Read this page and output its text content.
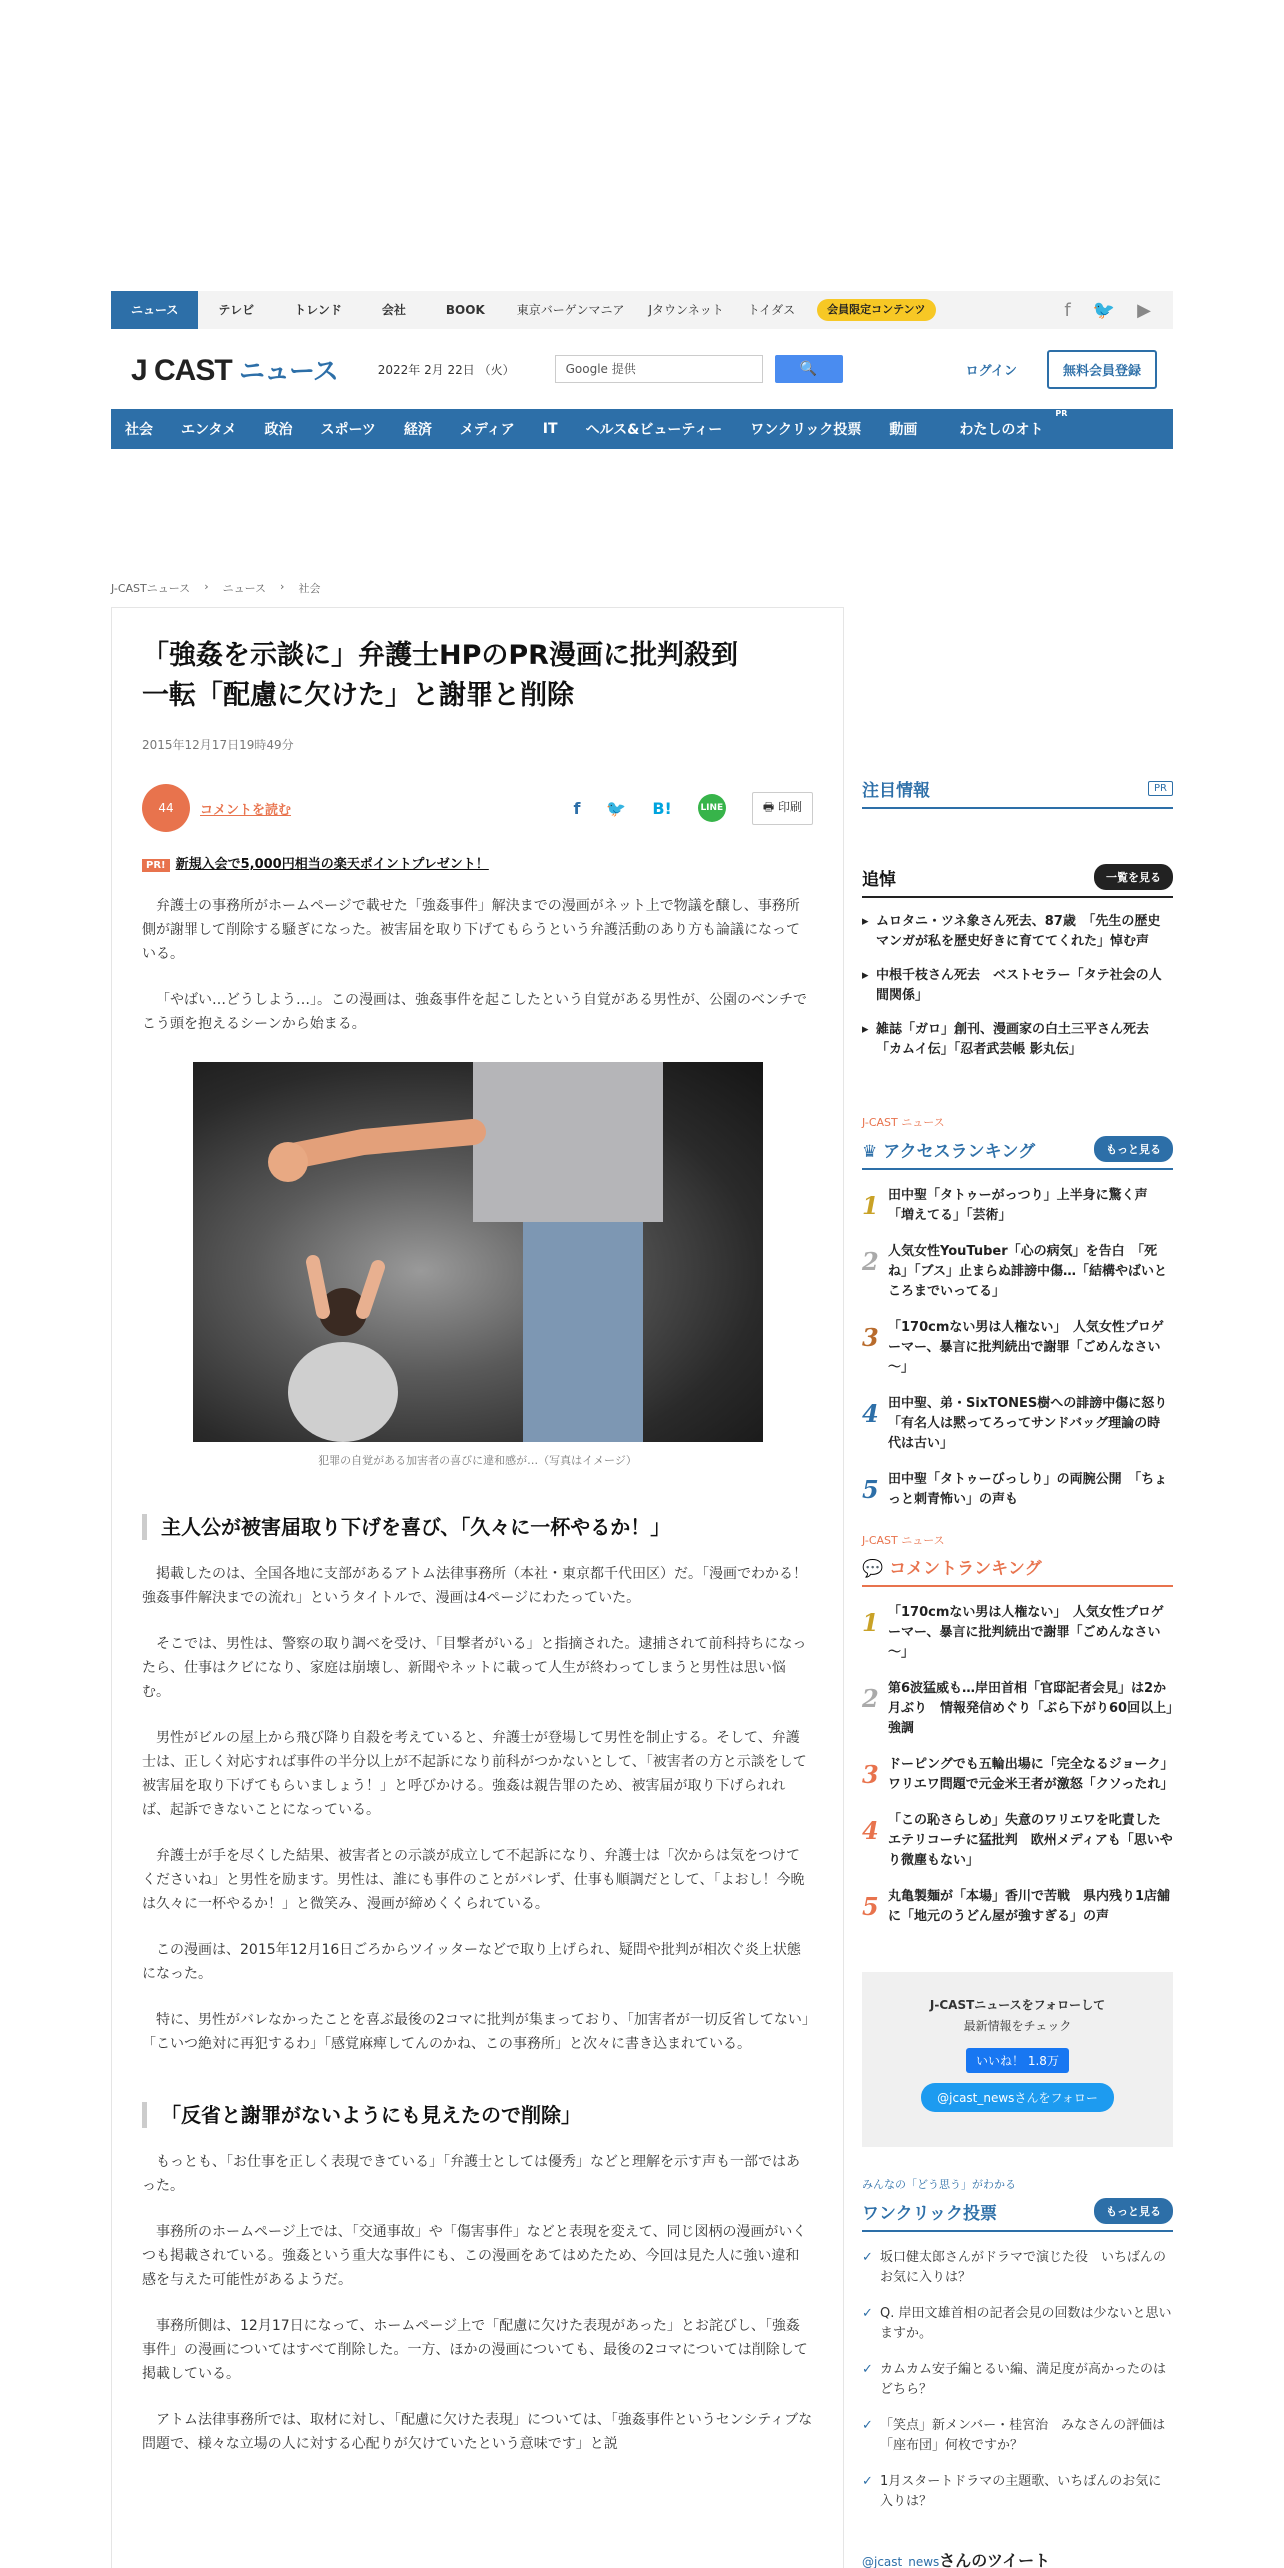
ニュース	テレビ	トレンド	会社	BOOK	東京バーゲンマニア	Jタウンネット	トイダス	会員限定コンテンツ	f 🐦 ▶
J CAST ニュース	2022年 2月 22日 （火）	Google 提供	🔍	ログイン	無料会員登録
社会	エンタメ	政治	スポーツ	経済	メディア	IT	ヘルス&ビューティー	ワンクリック投票	動画	わたしのオト
PR
J-CASTニュース › ニュース › 社会
「強姦を示談に」弁護士HPのPR漫画に批判殺到
一転「配慮に欠けた」と謝罪と削除
2015年12月17日19時49分
44	コメントを読む	f 🐦 B!	LINE	🖶 印刷
PR! 新規入会で5,000円相当の楽天ポイントプレゼント！

弁護士の事務所がホームページで載せた「強姦事件」解決までの漫画がネット上で物議を醸し、事務所側が謝罪して削除する騒ぎになった。被害届を取り下げてもらうという弁護活動のあり方も論議になっている。

「やばい…どうしよう…」。この漫画は、強姦事件を起こしたという自覚がある男性が、公園のベンチでこう頭を抱えるシーンから始まる。

犯罪の自覚がある加害者の喜びに違和感が…（写真はイメージ）
主人公が被害届取り下げを喜び、「久々に一杯やるか！」

掲載したのは、全国各地に支部があるアトム法律事務所（本社・東京都千代田区）だ。「漫画でわかる！強姦事件解決までの流れ」というタイトルで、漫画は4ページにわたっていた。

そこでは、男性は、警察の取り調べを受け、「目撃者がいる」と指摘された。逮捕されて前科持ちになったら、仕事はクビになり、家庭は崩壊し、新聞やネットに載って人生が終わってしまうと男性は思い悩む。

男性がビルの屋上から飛び降り自殺を考えていると、弁護士が登場して男性を制止する。そして、弁護士は、正しく対応すれば事件の半分以上が不起訴になり前科がつかないとして、「被害者の方と示談をして被害届を取り下げてもらいましょう！」と呼びかける。強姦は親告罪のため、被害届が取り下げられれば、起訴できないことになっている。

弁護士が手を尽くした結果、被害者との示談が成立して不起訴になり、弁護士は「次からは気をつけてくださいね」と男性を励ます。男性は、誰にも事件のことがバレず、仕事も順調だとして、「よおし！今晩は久々に一杯やるか！」と微笑み、漫画が締めくくられている。

この漫画は、2015年12月16日ごろからツイッターなどで取り上げられ、疑問や批判が相次ぐ炎上状態になった。

特に、男性がバレなかったことを喜ぶ最後の2コマに批判が集まっており、「加害者が一切反省してない」「こいつ絶対に再犯するわ」「感覚麻痺してんのかね、この事務所」と次々に書き込まれている。

「反省と謝罪がないようにも見えたので削除」

もっとも、「お仕事を正しく表現できている」「弁護士としては優秀」などと理解を示す声も一部ではあった。

事務所のホームページ上では、「交通事故」や「傷害事件」などと表現を変えて、同じ図柄の漫画がいくつも掲載されている。強姦という重大な事件にも、この漫画をあてはめたため、今回は見た人に強い違和感を与えた可能性があるようだ。

事務所側は、12月17日になって、ホームページ上で「配慮に欠けた表現があった」とお詫びし、「強姦事件」の漫画についてはすべて削除した。一方、ほかの漫画についても、最後の2コマについては削除して掲載している。

アトム法律事務所では、取材に対し、「配慮に欠けた表現」については、「強姦事件というセンシティブな問題で、様々な立場の人に対する心配りが欠けていたという意味です」と説

注目情報	PR
追悼	一覧を見る
▸ ムロタニ・ツネ象さん死去、87歳　「先生の歴史マンガが私を歴史好きに育ててくれた」悼む声
▸ 中根千枝さん死去　ベストセラー「タテ社会の人間関係」
▸ 雑誌「ガロ」創刊、漫画家の白土三平さん死去　「カムイ伝」「忍者武芸帳 影丸伝」
J-CAST ニュース
♛ アクセスランキング	もっと見る
1 田中聖「タトゥーがっつり」上半身に驚く声　「増えてる」「芸術」
2 人気女性YouTuber「心の病気」を告白　「死ね」「ブス」止まらぬ誹謗中傷…「結構やばいところまでいってる」
3 「170cmない男は人権ない」　人気女性プロゲーマー、暴言に批判続出で謝罪「ごめんなさい～」
4 田中聖、弟・SixTONES樹への誹謗中傷に怒り　「有名人は黙ってろってサンドバッグ理論の時代は古い」
5 田中聖「タトゥーびっしり」の両腕公開　「ちょっと刺青怖い」の声も
J-CAST ニュース
💬 コメントランキング
1 「170cmない男は人権ない」　人気女性プロゲーマー、暴言に批判続出で謝罪「ごめんなさい～」
2 第6波猛威も…岸田首相「官邸記者会見」は2か月ぶり　情報発信めぐり「ぶら下がり60回以上」強調
3 ドーピングでも五輪出場に「完全なるジョーク」　ワリエワ問題で元金米王者が激怒「クソったれ」
4 「この恥さらしめ」失意のワリエワを叱責したエテリコーチに猛批判　欧州メディアも「思いやり微塵もない」
5 丸亀製麺が「本場」香川で苦戦　県内残り1店舗に「地元のうどん屋が強すぎる」の声
J-CASTニュースをフォローして
最新情報をチェック
いいね！ 1.8万
@jcast_newsさんをフォロー
みんなの「どう思う」がわかる
ワンクリック投票	もっと見る
✓ 坂口健太郎さんがドラマで演じた役　いちばんのお気に入りは？
✓ Q. 岸田文雄首相の記者会見の回数は少ないと思いますか。
✓ カムカム安子編とるい編、満足度が高かったのはどちら？
✓ 「笑点」新メンバー・桂宮治　みなさんの評価は「座布団」何枚ですか？
✓ 1月スタートドラマの主題歌、いちばんのお気に入りは？
@jcast_newsさんのツイート
